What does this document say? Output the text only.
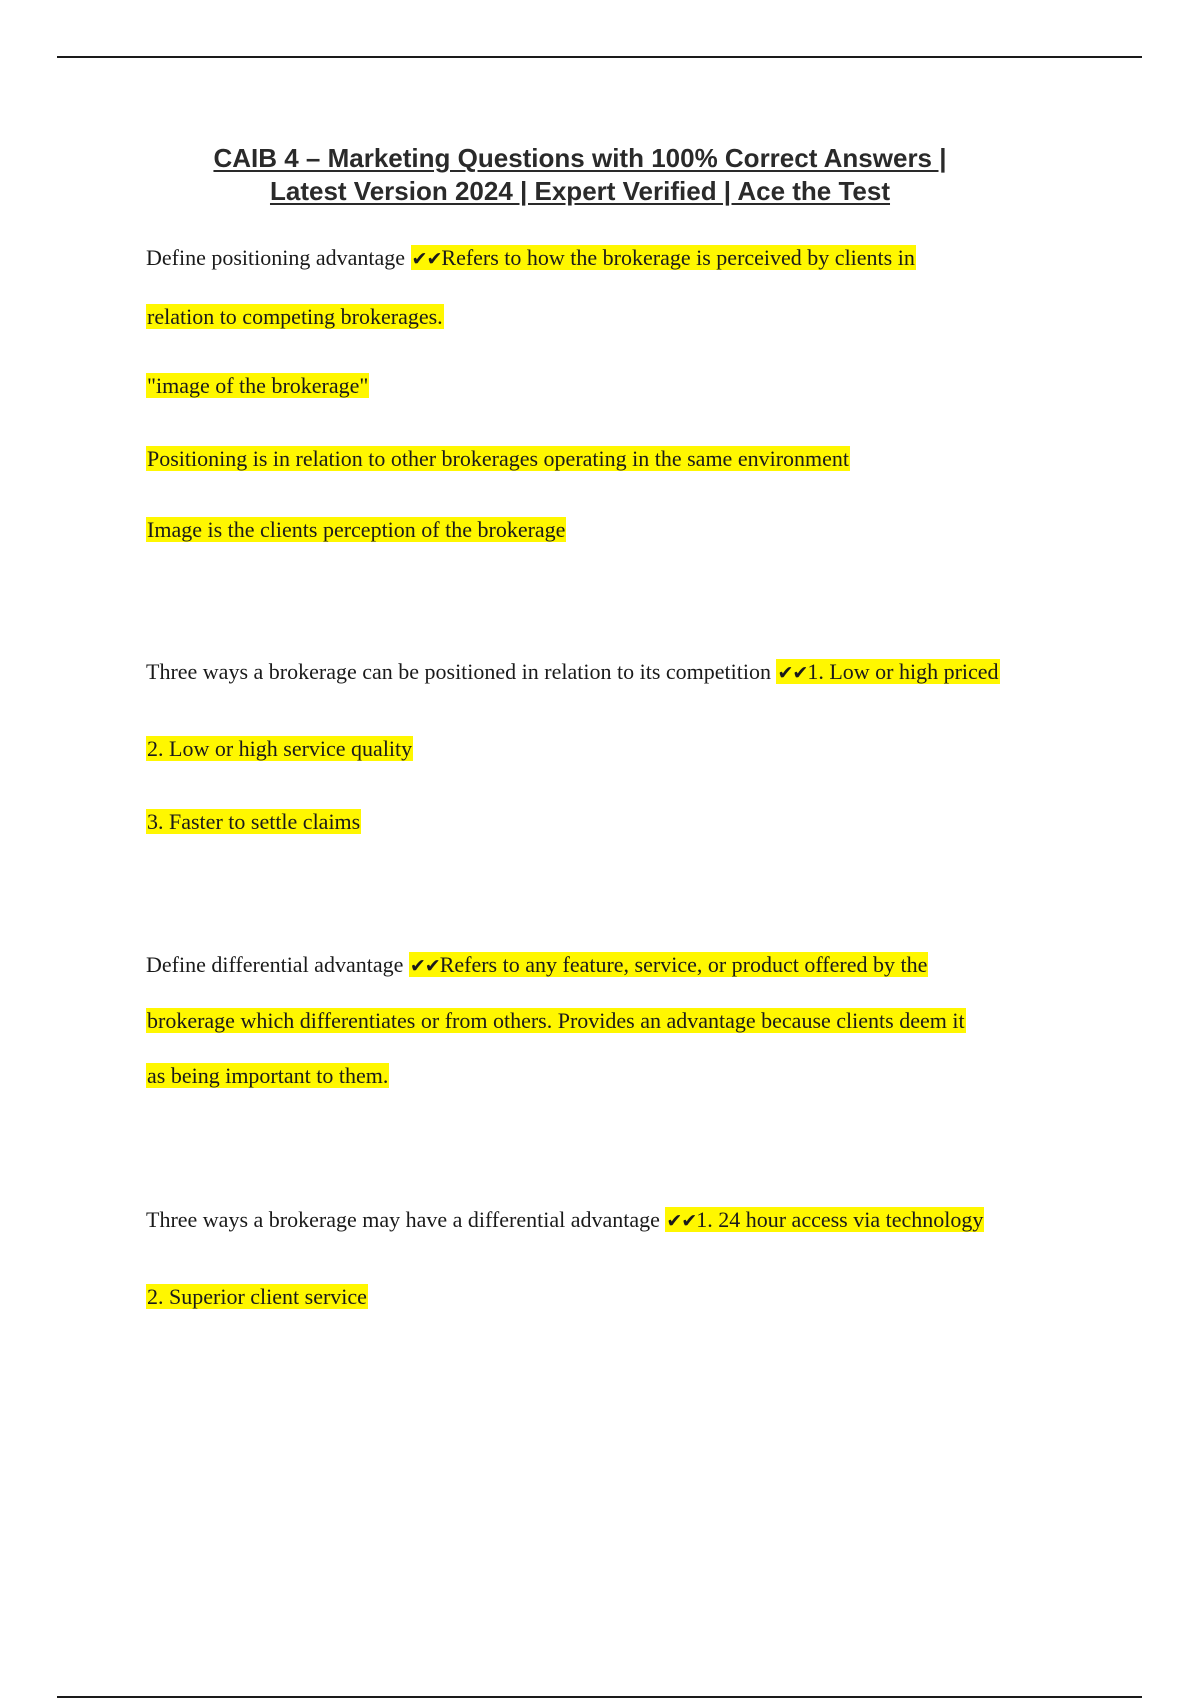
CAIB 4 – Marketing Questions with 100% Correct Answers |
Latest Version 2024 | Expert Verified | Ace the Test

Define positioning advantage ✔✔Refers to how the brokerage is perceived by clients in

relation to competing brokerages.

"image of the brokerage"

Positioning is in relation to other brokerages operating in the same environment

Image is the clients perception of the brokerage

Three ways a brokerage can be positioned in relation to its competition ✔✔1. Low or high priced

2. Low or high service quality

3. Faster to settle claims

Define differential advantage ✔✔Refers to any feature, service, or product offered by the

brokerage which differentiates or from others. Provides an advantage because clients deem it

as being important to them.

Three ways a brokerage may have a differential advantage ✔✔1. 24 hour access via technology

2. Superior client service
